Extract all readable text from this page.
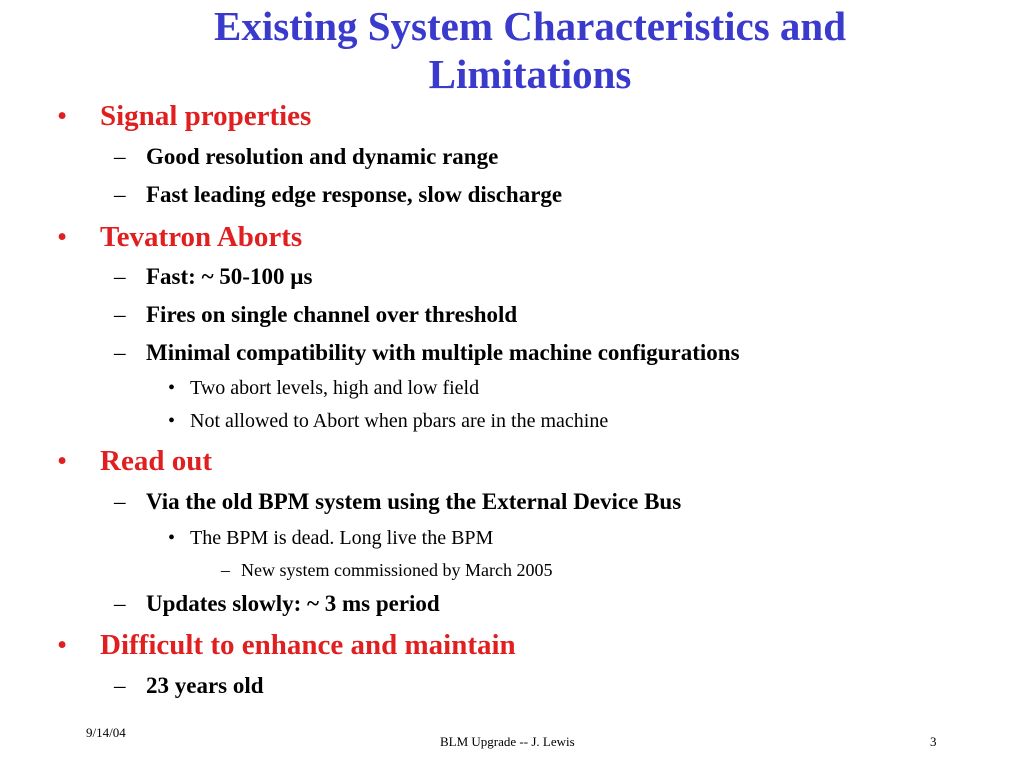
Existing System Characteristics and
Limitations
• Signal properties
– Good resolution and dynamic range
– Fast leading edge response, slow discharge
• Tevatron Aborts
– Fast: ~ 50-100 µs
– Fires on single channel over threshold
– Minimal compatibility with multiple machine configurations
• Two abort levels, high and low field
• Not allowed to Abort when pbars are in the machine
• Read out
– Via the old BPM system using the External Device Bus
• The BPM is dead. Long live the BPM
– New system commissioned by March 2005
– Updates slowly: ~ 3 ms period
• Difficult to enhance and maintain
– 23 years old
9/14/04
BLM Upgrade -- J. Lewis	3
